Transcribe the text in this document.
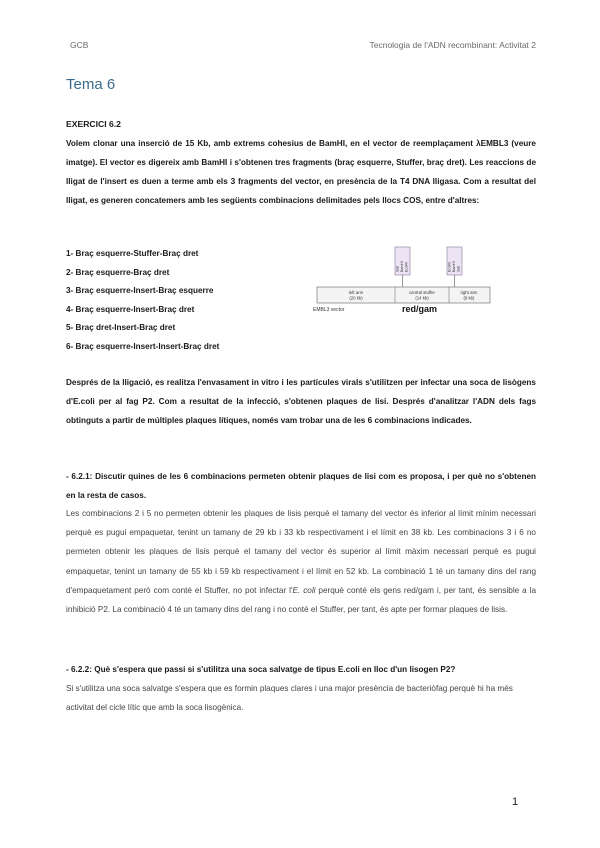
GCB	Tecnologia de l'ADN recombinant: Activitat 2
Tema 6
EXERCICI 6.2

Volem clonar una inserció de 15 Kb, amb extrems cohesius de BamHI, en el vector de reemplaçament λEMBL3 (veure imatge). El vector es digereix amb BamHI i s'obtenen tres fragments (braç esquerre, Stuffer, braç dret). Les reaccions de lligat de l'insert es duen a terme amb els 3 fragments del vector, en presència de la T4 DNA lligasa. Com a resultat del lligat, es generen concatemers amb les següents combinacions delimitades pels llocs COS, entre d'altres:

1- Braç esquerre-Stuffer-Braç dret
2- Braç esquerre-Braç dret
3- Braç esquerre-Insert-Braç esquerre
4- Braç esquerre-Insert-Braç dret
5- Braç dret-Insert-Braç dret
6- Braç esquerre-Insert-Insert-Braç dret
SalI BamHI EcoRI	EcoRI BamHI SalI
left arm
(20 kb)
central stuffer
(14 kb)
right arm
(9 kb)
EMBL3 vector	red/gam

Després de la lligació, es realitza l'envasament in vitro i les partícules virals s'utilitzen per infectar una soca de lisògens d'E.coli per al fag P2. Com a resultat de la infecció, s'obtenen plaques de lisi. Després d'analitzar l'ADN dels fags obtinguts a partir de múltiples plaques lítiques, només vam trobar una de les 6 combinacions indicades.

- 6.2.1: Discutir quines de les 6 combinacions permeten obtenir plaques de lisi com es proposa, i per què no s'obtenen en la resta de casos.

Les combinacions 2 i 5 no permeten obtenir les plaques de lisis perquè el tamany del vector és inferior al límit mínim necessari perquè es pugui empaquetar, tenint un tamany de 29 kb i 33 kb respectivament i el límit en 38 kb. Les combinacions 3 i 6 no permeten obtenir les plaques de lisis perquè el tamany del vector és superior al límit màxim necessari perquè es pugui empaquetar, tenint un tamany de 55 kb i 59 kb respectivament i el límit en 52 kb. La combinació 1 té un tamany dins del rang d'empaquetament però com conté el Stuffer, no pot infectar l'E. coli perquè conté els gens red/gam i, per tant, és sensible a la inhibició P2. La combinació 4 té un tamany dins del rang i no conté el Stuffer, per tant, és apte per formar plaques de lisis.

- 6.2.2: Què s'espera que passi si s'utilitza una soca salvatge de tipus E.coli en lloc d'un lisogen P2?

Si s'utilitza una soca salvatge s'espera que es formin plaques clares i una major presència de bacteriòfag perquè hi ha més activitat del cicle lític que amb la soca lisogènica.

1
